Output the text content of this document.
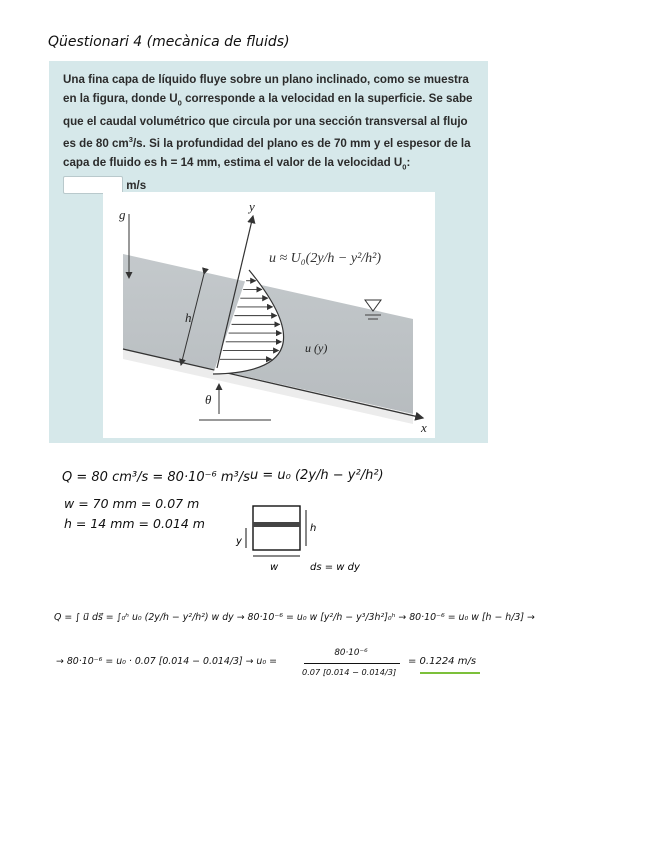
Qüestionari 4 (mecànica de fluids)
Una fina capa de líquido fluye sobre un plano inclinado, como se muestra en la figura, donde $U_0$ corresponde a la velocidad en la superficie. Se sabe que el caudal volumétrico que circula por una sección transversal al flujo es de 80 $cm^3/s$. Si la profundidad del plano es de 70 mm y el espesor de la capa de fluido es h = 14 mm, estima el valor de la velocidad $U_0$:  m/s
g
y
h
u ≈ U₀(2y/h − y²/h²)
u (y)
θ
x
Q = 80 cm³/s = 80·10⁻⁶ m³/s u = u₀ (2y/h − y²/h²)
w = 70 mm = 0.07 m
h = 14 mm = 0.014 m	h
y
w	ds = w dy
Q = ∫ u⃗ ds⃗ = ∫₀ʰ u₀ (2y/h − y²/h²) w dy → 80·10⁻⁶ = u₀ w [y²/h − y³/3h²]₀ʰ → 80·10⁻⁶ = u₀ w [h − h/3] →
→ 80·10⁻⁶ = u₀ · 0.07 [0.014 − 0.014/3] → u₀ =
80·10⁻⁶
0.07 [0.014 − 0.014/3]
= 0.1224 m/s
